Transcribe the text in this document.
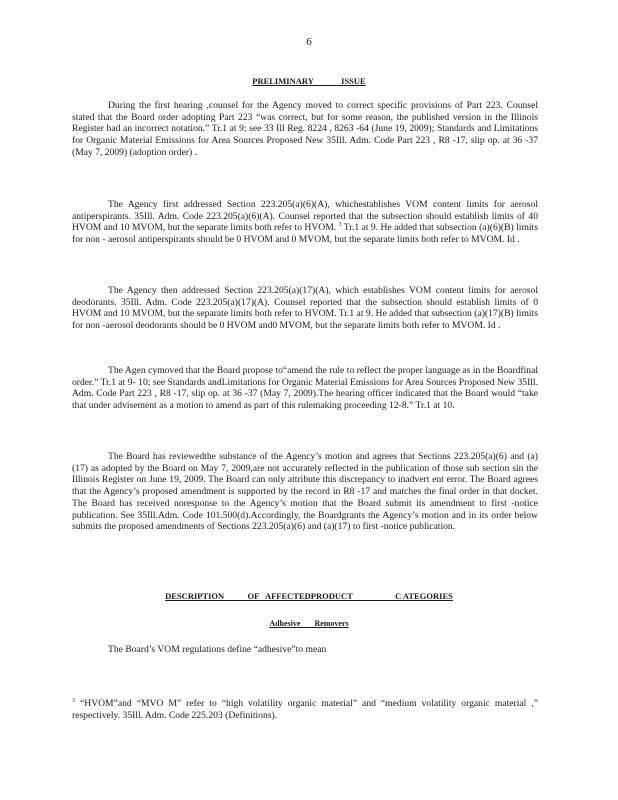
6
PRELIMINARY             ISSUE
During the first hearing ,counsel for the Agency moved to correct specific provisions of Part 223. Counsel stated that the Board order adopting Part 223 “was correct, but for some reason, the published version in the Illinois Register had an incorrect notation.” Tr.1 at 9; see 33 Ill Reg. 8224 , 8263 -64 (June 19, 2009); Standards and Limitations for Organic Material Emissions for Area Sources Proposed New 35Ill. Adm. Code Part 223 , R8 -17, slip op. at 36 -37 (May 7, 2009) (adoption order) .
The Agency first addressed Section 223.205(a)(6)(A), whichestablishes VOM content limits for aerosol antiperspirants. 35Ill. Adm. Code 223.205(a)(6)(A). Counsel reported that the subsection should establish limits of 40 HVOM and 10 MVOM, but the separate limits both refer to HVOM. $^3$ Tr.1 at 9. He added that subsection (a)(6)(B) limits for non - aerosol antiperspirants should be 0 HVOM and 0 MVOM, but the separate limits both refer to MVOM. Id .
The Agency then addressed Section 223.205(a)(17)(A), which establishes VOM content limits for aerosol deodorants. 35Ill. Adm. Code 223.205(a)(17)(A). Counsel reported that the subsection should establish limits of 0 HVOM and 10 MVOM, but the separate limits both refer to HVOM. Tr.1 at 9. He added that subsection (a)(17)(B) limits for non -aerosol deodorants should be 0 HVOM and0 MVOM, but the separate limits both refer to MVOM. Id .
The Agen cymoved that the Board propose to“amend the rule to reflect the proper language as in the Boardfinal order.” Tr.1 at 9- 10; see Standards andLimitations for Organic Material Emissions for Area Sources Proposed New 35Ill. Adm. Code Part 223 , R8 -17, slip op. at 36 -37 (May 7, 2009).The hearing officer indicated that the Board would “take that under advisement as a motion to amend as part of this rulemaking proceeding 12-8.” Tr.1 at 10.
The Board has reviewedthe substance of the Agency’s motion and agrees that Sections 223.205(a)(6) and (a)(17) as adopted by the Board on May 7, 2009,are not accurately reflected in the publication of those sub section sin the Illinois Register on June 19, 2009. The Board can only attribute this discrepancy to inadvert ent error. The Board agrees that the Agency’s proposed amendment is supported by the record in R8 -17 and matches the final order in that docket. The Board has received noresponse to the Agency’s motion that the Board submit its amendment to first -notice publication. See 35Ill.Adm. Code 101.500(d).Accordingly, the Boardgrants the Agency’s motion and in its order below submits the proposed amendments of Sections 223.205(a)(6) and (a)(17) to first -notice publication.
DESCRIPTION           OF   AFFECTEDPRODUCT                    C ATEGORIES
Adhesive       Removers
The Board’s VOM regulations define “adhesive”to mean
$^3$ “HVOM”and “MVO M” refer to “high volatility organic material” and “medium volatility organic material ,” respectively. 35Ill. Adm. Code 225.203 (Definitions).
